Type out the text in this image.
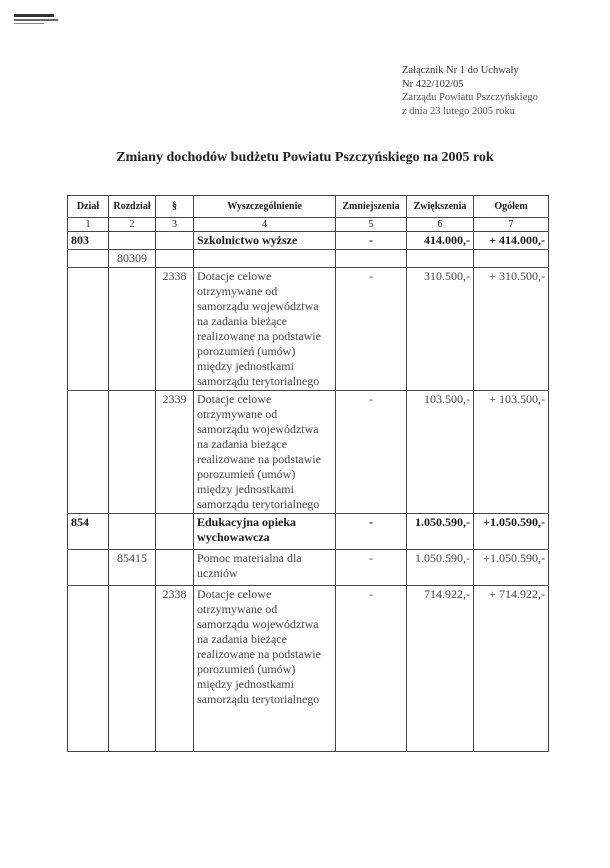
Załącznik Nr 1 do Uchwały
Nr 422/102/05
Zarządu Powiatu Pszczyńskiego
z dnia 23 lutego 2005 roku
Zmiany dochodów budżetu Powiatu Pszczyńskiego na 2005 rok
Dział	Rozdział	§	Wyszczególnienie	Zmniejszenia	Zwiększenia	Ogółem
1	2	3	4	5	6	7
803			Szkolnictwo wyższe	-	414.000,-	+ 414.000,-
	80309					
		2338	Dotacje celowe otrzymywane od samorządu województwa na zadania bieżące realizowane na podstawie porozumień (umów) między jednostkami samorządu terytorialnego	-	310.500,-	+ 310.500,-
		2339	Dotacje celowe otrzymywane od samorządu województwa na zadania bieżące realizowane na podstawie porozumień (umów) między jednostkami samorządu terytorialnego	-	103.500,-	+ 103.500,-
854			Edukacyjna opieka wychowawcza	-	1.050.590,-	+1.050.590,-
	85415		Pomoc materialna dla uczniów	-	1.050.590,-	+1.050.590,-
		2338	Dotacje celowe otrzymywane od samorządu województwa na zadania bieżące realizowane na podstawie porozumień (umów) między jednostkami samorządu terytorialnego	-	714.922,-	+ 714.922,-
